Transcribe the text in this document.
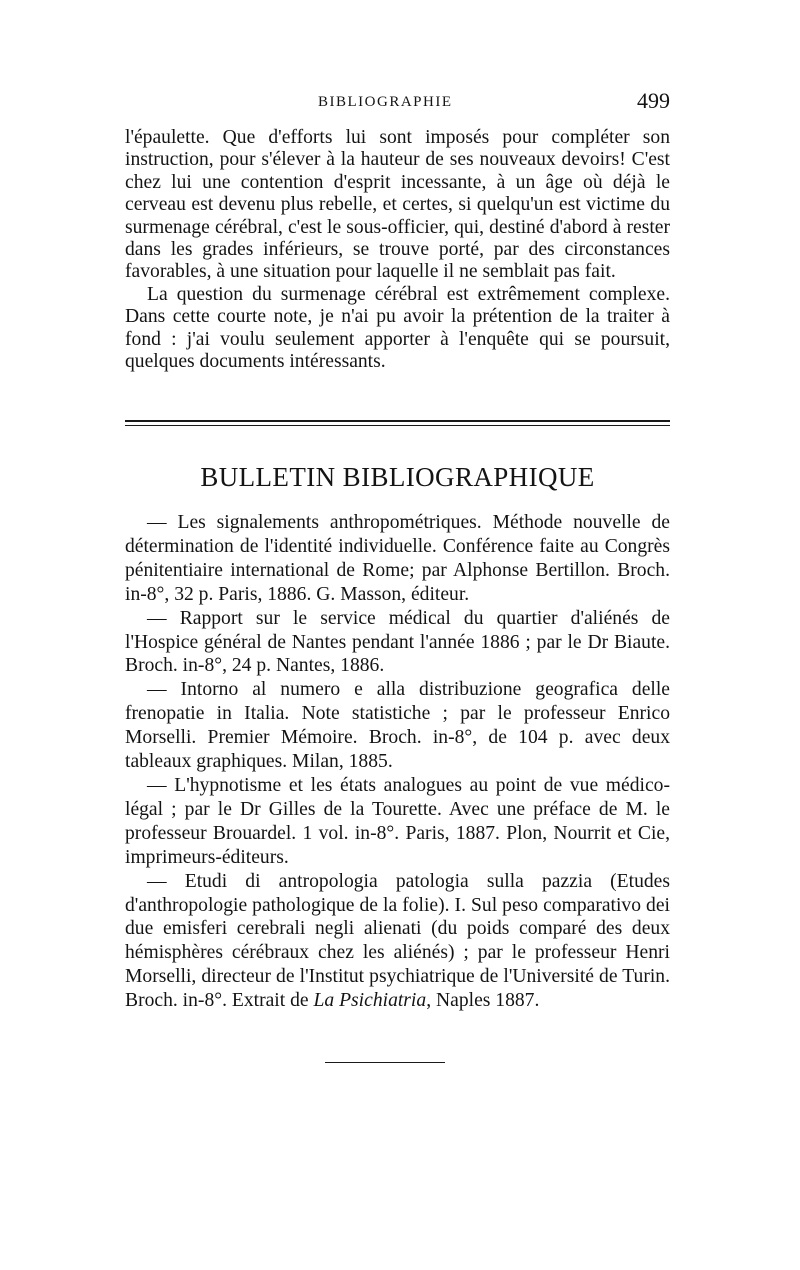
BIBLIOGRAPHIE	499

l'épaulette. Que d'efforts lui sont imposés pour compléter son instruction, pour s'élever à la hauteur de ses nouveaux devoirs! C'est chez lui une contention d'esprit incessante, à un âge où déjà le cerveau est devenu plus rebelle, et certes, si quelqu'un est victime du surmenage cérébral, c'est le sous-officier, qui, destiné d'abord à rester dans les grades inférieurs, se trouve porté, par des circonstances favorables, à une situation pour laquelle il ne semblait pas fait.

La question du surmenage cérébral est extrêmement complexe. Dans cette courte note, je n'ai pu avoir la prétention de la traiter à fond : j'ai voulu seulement apporter à l'enquête qui se poursuit, quelques documents intéressants.

BULLETIN BIBLIOGRAPHIQUE

— Les signalements anthropométriques. Méthode nouvelle de détermination de l'identité individuelle. Conférence faite au Congrès pénitentiaire international de Rome; par Alphonse Bertillon. Broch. in-8°, 32 p. Paris, 1886. G. Masson, éditeur.

— Rapport sur le service médical du quartier d'aliénés de l'Hospice général de Nantes pendant l'année 1886 ; par le Dr Biaute. Broch. in-8°, 24 p. Nantes, 1886.

— Intorno al numero e alla distribuzione geografica delle frenopatie in Italia. Note statistiche ; par le professeur Enrico Morselli. Premier Mémoire. Broch. in-8°, de 104 p. avec deux tableaux graphiques. Milan, 1885.

— L'hypnotisme et les états analogues au point de vue médico-légal ; par le Dr Gilles de la Tourette. Avec une préface de M. le professeur Brouardel. 1 vol. in-8°. Paris, 1887. Plon, Nourrit et Cie, imprimeurs-éditeurs.

— Etudi di antropologia patologia sulla pazzia (Etudes d'anthropologie pathologique de la folie). I. Sul peso comparativo dei due emisferi cerebrali negli alienati (du poids comparé des deux hémisphères cérébraux chez les aliénés) ; par le professeur Henri Morselli, directeur de l'Institut psychiatrique de l'Université de Turin. Broch. in-8°. Extrait de La Psichiatria, Naples 1887.
